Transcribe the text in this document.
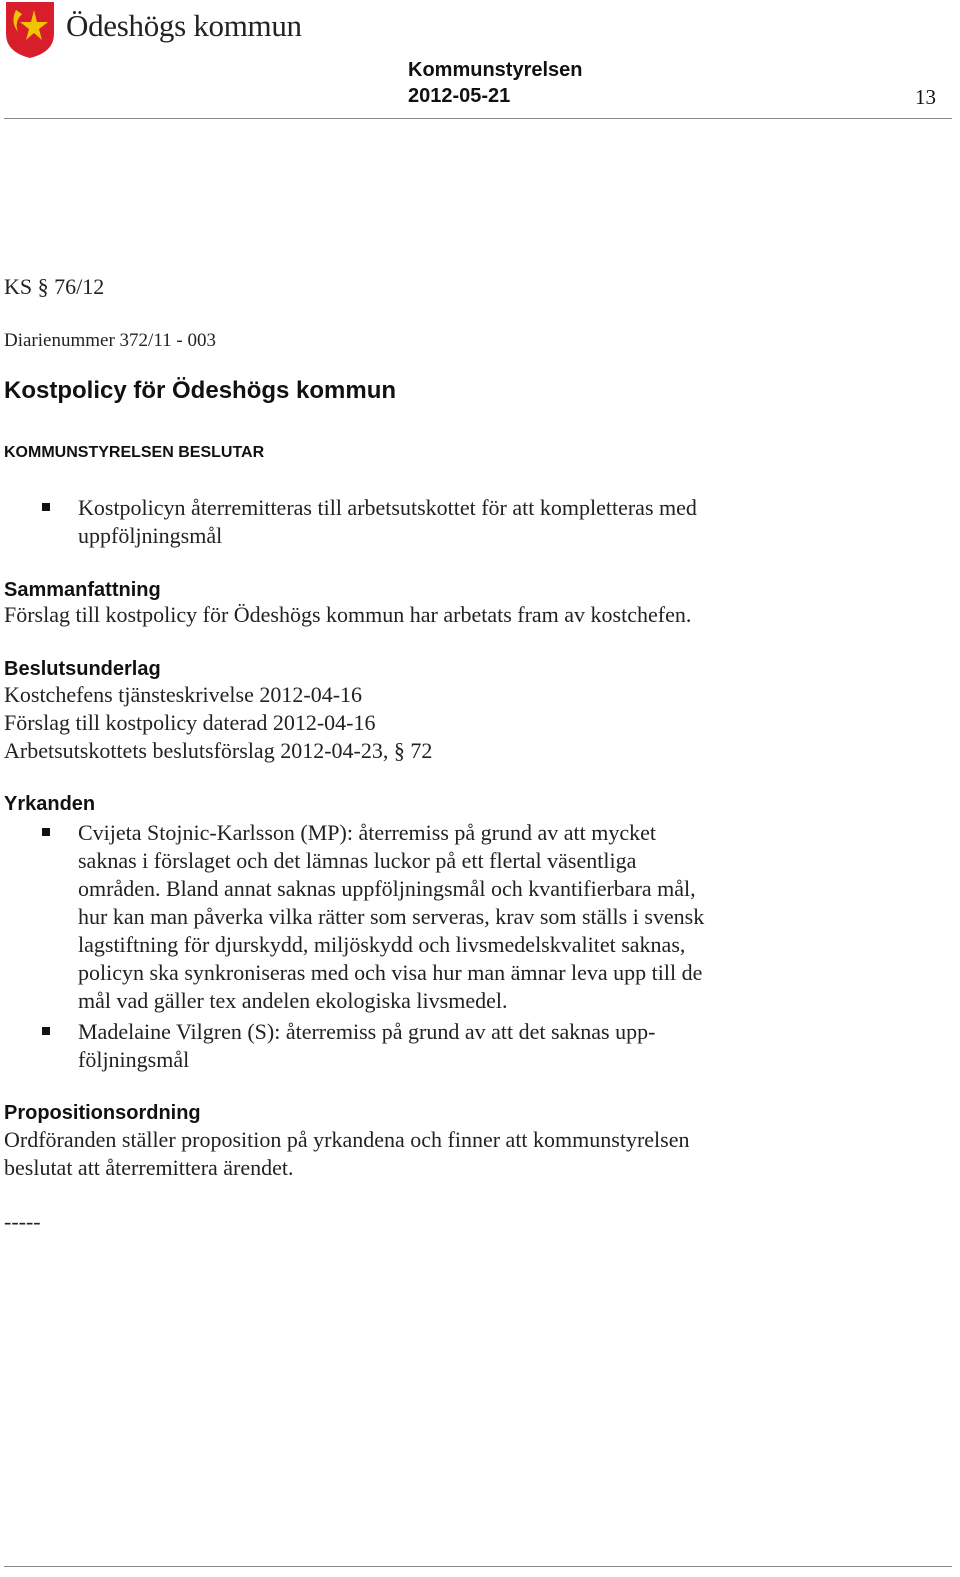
Ödeshögs kommun
Kommunstyrelsen
2012-05-21	13
KS § 76/12
Diarienummer 372/11 - 003
Kostpolicy för Ödeshögs kommun
KOMMUNSTYRELSEN BESLUTAR
Kostpolicyn återremitteras till arbetsutskottet för att kompletteras med
uppföljningsmål
Sammanfattning
Förslag till kostpolicy för Ödeshögs kommun har arbetats fram av kostchefen.
Beslutsunderlag
Kostchefens tjänsteskrivelse 2012-04-16
Förslag till kostpolicy daterad 2012-04-16
Arbetsutskottets beslutsförslag 2012-04-23, § 72
Yrkanden
Cvijeta Stojnic-Karlsson (MP): återremiss på grund av att mycket
saknas i förslaget och det lämnas luckor på ett flertal väsentliga
områden. Bland annat saknas uppföljningsmål och kvantifierbara mål,
hur kan man påverka vilka rätter som serveras, krav som ställs i svensk
lagstiftning för djurskydd, miljöskydd och livsmedelskvalitet saknas,
policyn ska synkroniseras med och visa hur man ämnar leva upp till de
mål vad gäller tex andelen ekologiska livsmedel.
Madelaine Vilgren (S): återremiss på grund av att det saknas upp-
följningsmål
Propositionsordning
Ordföranden ställer proposition på yrkandena och finner att kommunstyrelsen
beslutat att återremittera ärendet.
-----
